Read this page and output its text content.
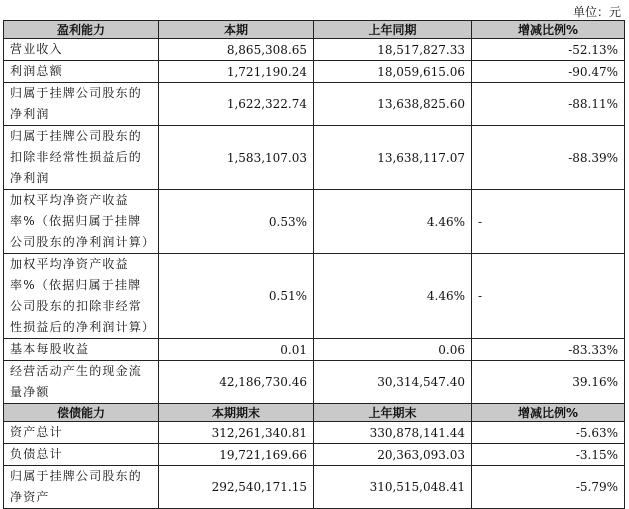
单位：元
盈利能力	本期	上年同期	增减比例%
营业收入	8,865,308.65	18,517,827.33	-52.13%
利润总额	1,721,190.24	18,059,615.06	-90.47%
归属于挂牌公司股东的净利润	1,622,322.74	13,638,825.60	-88.11%
归属于挂牌公司股东的扣除非经常性损益后的净利润	1,583,107.03	13,638,117.07	-88.39%
加权平均净资产收益率%（依据归属于挂牌公司股东的净利润计算）	0.53%	4.46%	-
加权平均净资产收益率%（依据归属于挂牌公司股东的扣除非经常性损益后的净利润计算）	0.51%	4.46%	-
基本每股收益	0.01	0.06	-83.33%
经营活动产生的现金流量净额	42,186,730.46	30,314,547.40	39.16%
偿债能力	本期期末	上年期末	增减比例%
资产总计	312,261,340.81	330,878,141.44	-5.63%
负债总计	19,721,169.66	20,363,093.03	-3.15%
归属于挂牌公司股东的净资产	292,540,171.15	310,515,048.41	-5.79%
